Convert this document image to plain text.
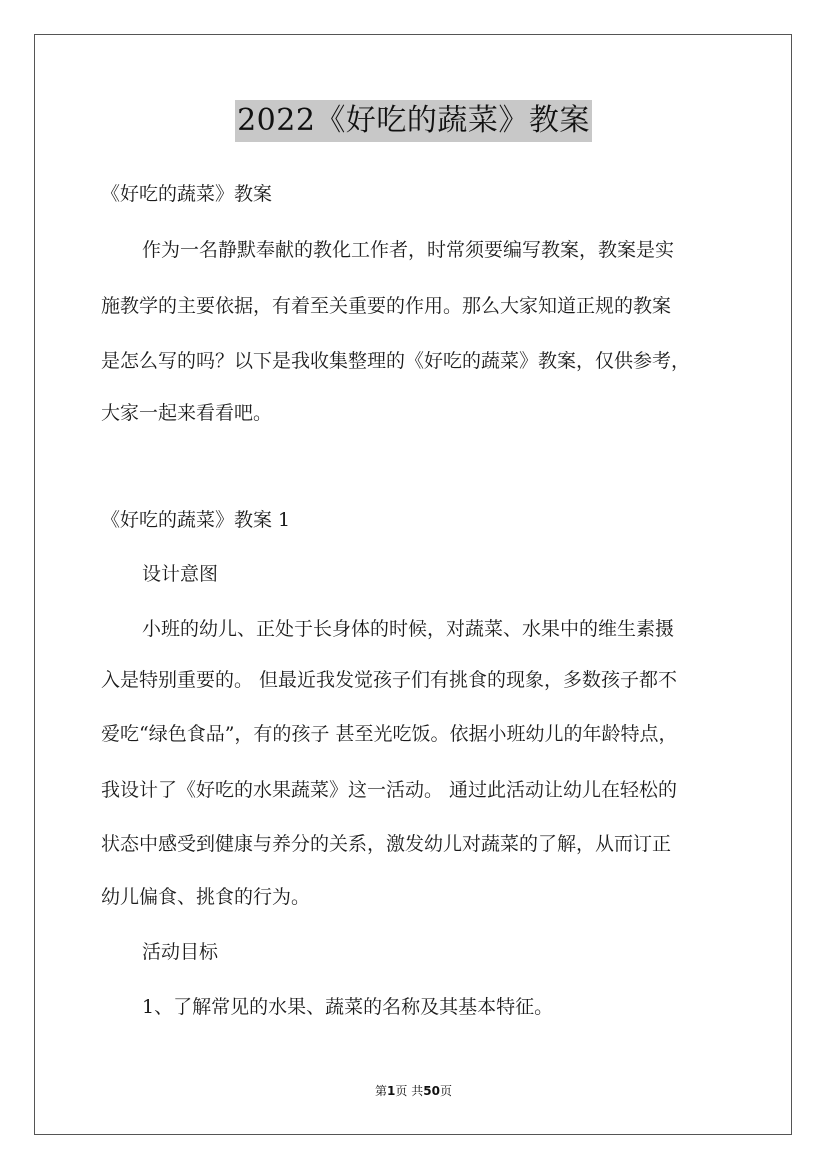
2022《好吃的蔬菜》教案
《好吃的蔬菜》教案
作为一名静默奉献的教化工作者，时常须要编写教案，教案是实
施教学的主要依据，有着至关重要的作用。那么大家知道正规的教案
是怎么写的吗？以下是我收集整理的《好吃的蔬菜》教案，仅供参考，
大家一起来看看吧。
《好吃的蔬菜》教案 1
设计意图
小班的幼儿、正处于长身体的时候，对蔬菜、水果中的维生素摄
入是特别重要的。 但最近我发觉孩子们有挑食的现象，多数孩子都不
爱吃“绿色食品”，有的孩子 甚至光吃饭。依据小班幼儿的年龄特点，
我设计了《好吃的水果蔬菜》这一活动。 通过此活动让幼儿在轻松的
状态中感受到健康与养分的关系，激发幼儿对蔬菜的了解，从而订正
幼儿偏食、挑食的行为。
活动目标
1、了解常见的水果、蔬菜的名称及其基本特征。
第1页 共50页
